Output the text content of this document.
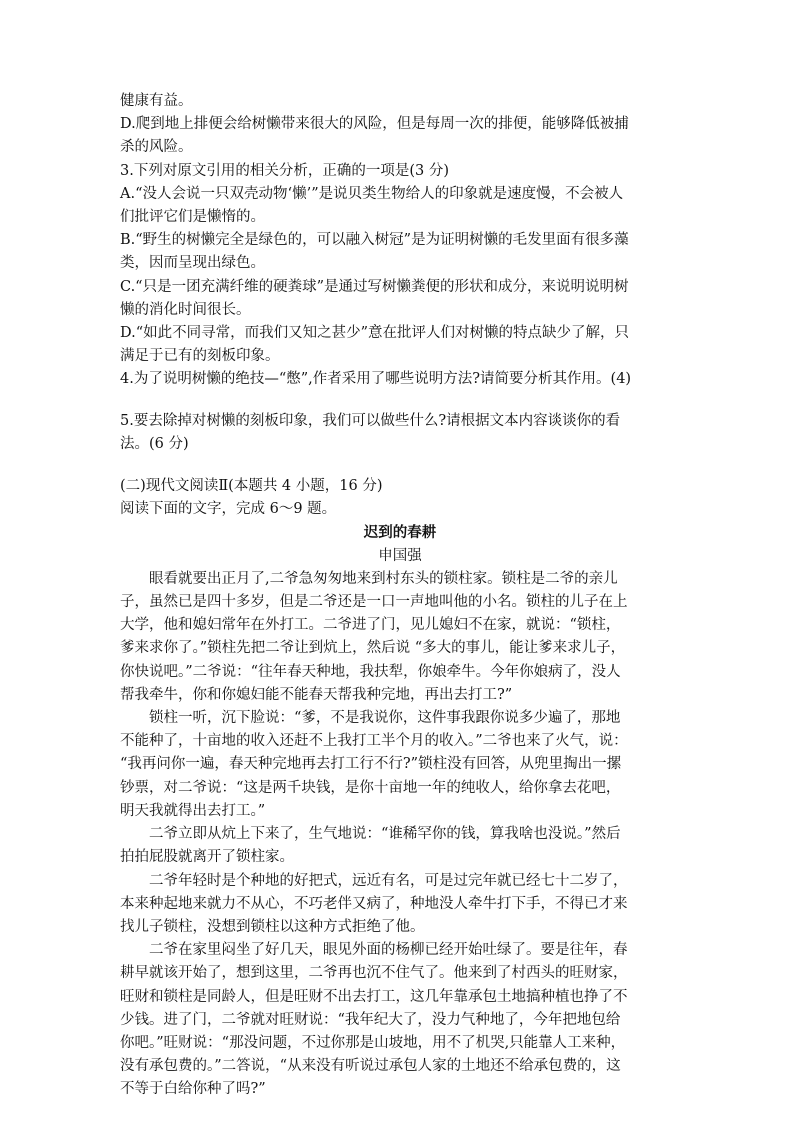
健康有益。

D.爬到地上排便会给树懒带来很大的风险，但是每周一次的排便，能够降低被捕

杀的风险。

3.下列对原文引用的相关分析，正确的一项是(3 分)

A.“没人会说一只双壳动物‘懒’”是说贝类生物给人的印象就是速度慢，不会被人

们批评它们是懒惰的。

B.“野生的树懒完全是绿色的，可以融入树冠”是为证明树懒的毛发里面有很多藻

类，因而呈现出绿色。

C.“只是一团充满纤维的硬粪球”是通过写树懒粪便的形状和成分，来说明说明树

懒的消化时间很长。

D.“如此不同寻常，而我们又知之甚少”意在批评人们对树懒的特点缺少了解，只

满足于已有的刻板印象。

4.为了说明树懒的绝技—“憋”,作者采用了哪些说明方法?请简要分析其作用。(4)

5.要去除掉对树懒的刻板印象，我们可以做些什么?请根据文本内容谈谈你的看

法。(6 分)

(二)现代文阅读Ⅱ(本题共 4 小题，16 分)

阅读下面的文字，完成 6～9 题。

迟到的春耕

申国强

　　眼看就要出正月了,二爷急匆匆地来到村东头的锁柱家。锁柱是二爷的亲儿

子，虽然已是四十多岁，但是二爷还是一口一声地叫他的小名。锁柱的儿子在上

大学，他和媳妇常年在外打工。二爷进了门，见儿媳妇不在家，就说：“锁柱，

爹来求你了。”锁柱先把二爷让到炕上，然后说 “多大的事儿，能让爹来求儿子，

你快说吧。”二爷说：“往年春天种地，我扶犁，你娘牵牛。今年你娘病了，没人

帮我牵牛，你和你媳妇能不能春天帮我种完地，再出去打工?”

　　锁柱一听，沉下脸说：“爹，不是我说你，这件事我跟你说多少遍了，那地

不能种了，十亩地的收入还赶不上我打工半个月的收入。”二爷也来了火气，说：

“我再问你一遍，春天种完地再去打工行不行?”锁柱没有回答，从兜里掏出一摞

钞票，对二爷说：“这是两千块钱，是你十亩地一年的纯收人，给你拿去花吧，

明天我就得出去打工。”

　　二爷立即从炕上下来了，生气地说：“谁稀罕你的钱，算我啥也没说。”然后

拍拍屁股就离开了锁柱家。

　　二爷年轻时是个种地的好把式，远近有名，可是过完年就已经七十二岁了，

本来种起地来就力不从心，不巧老伴又病了，种地没人牵牛打下手，不得已才来

找儿子锁柱，没想到锁柱以这种方式拒绝了他。

　　二爷在家里闷坐了好几天，眼见外面的杨柳已经开始吐绿了。要是往年，春

耕早就该开始了，想到这里，二爷再也沉不住气了。他来到了村西头的旺财家，

旺财和锁柱是同龄人，但是旺财不出去打工，这几年靠承包土地搞种植也挣了不

少钱。进了门，二爷就对旺财说：“我年纪大了，没力气种地了，今年把地包给

你吧。”旺财说：“那没问题，不过你那是山坡地，用不了机哭,只能靠人工来种，

没有承包费的。”二答说，“从来没有听说过承包人家的土地还不给承包费的，这

不等于白给你种了吗?”
